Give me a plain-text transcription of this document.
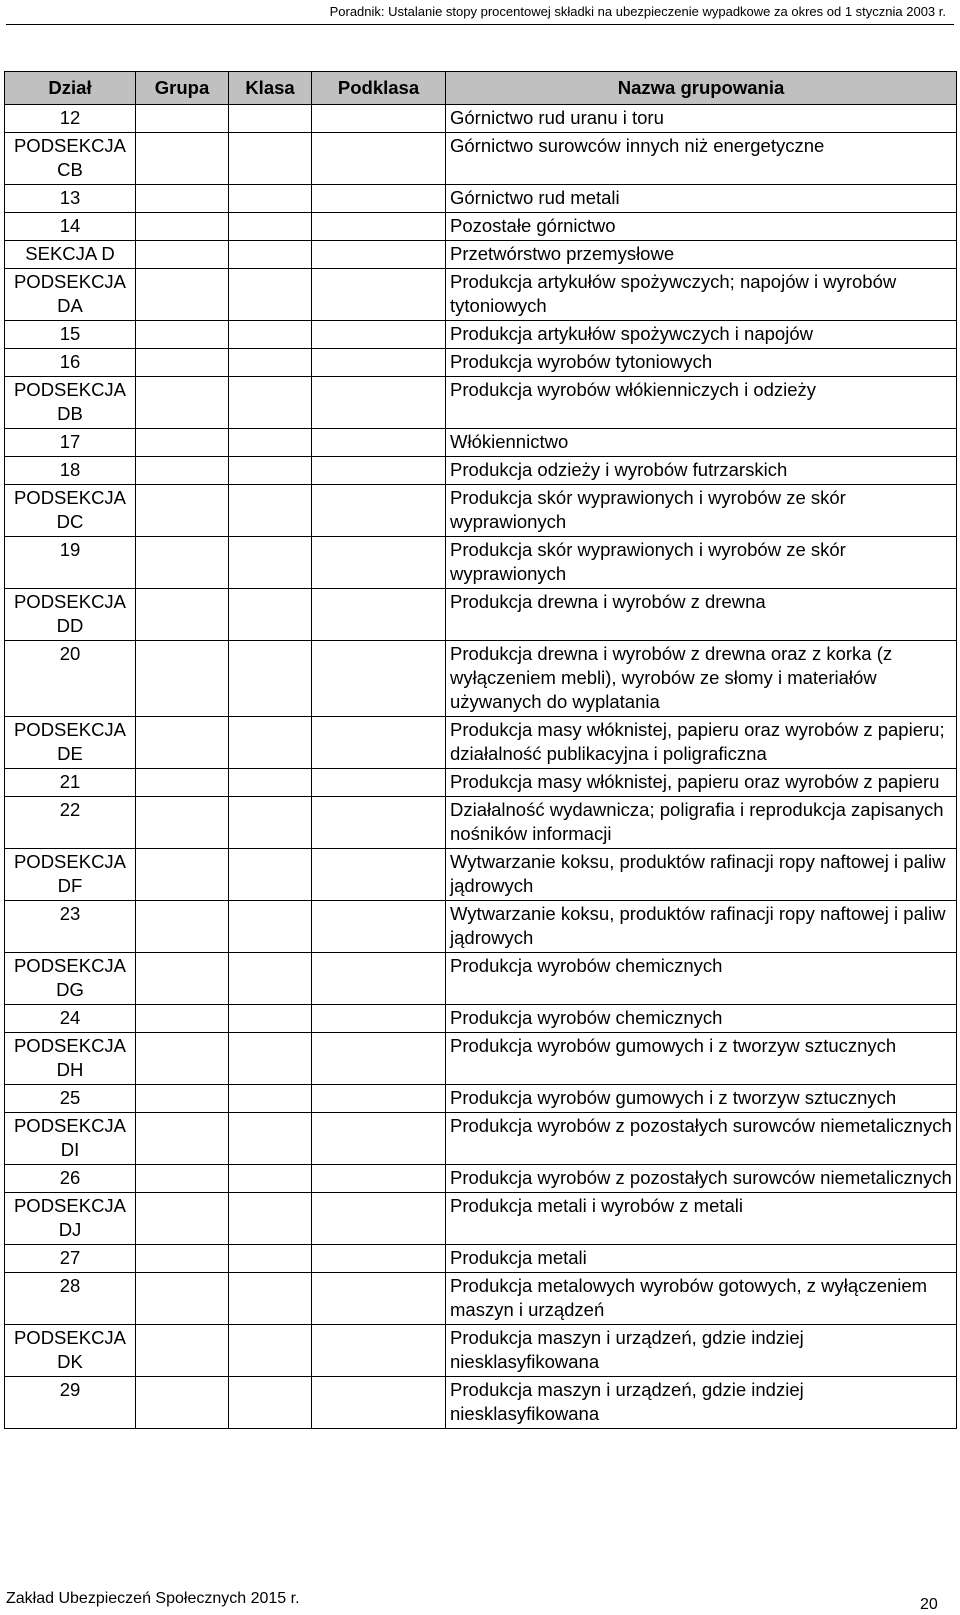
Poradnik: Ustalanie stopy procentowej składki na ubezpieczenie wypadkowe za okres od 1 stycznia 2003 r.
Dział	Grupa	Klasa	Podklasa	Nazwa grupowania
12				Górnictwo rud uranu i toru
PODSEKCJA CB				Górnictwo surowców innych niż energetyczne
13				Górnictwo rud metali
14				Pozostałe górnictwo
SEKCJA D				Przetwórstwo przemysłowe
PODSEKCJA DA				Produkcja artykułów spożywczych; napojów i wyrobów tytoniowych
15				Produkcja artykułów spożywczych i napojów
16				Produkcja wyrobów tytoniowych
PODSEKCJA DB				Produkcja wyrobów włókienniczych i odzieży
17				Włókiennictwo
18				Produkcja odzieży i wyrobów futrzarskich
PODSEKCJA DC				Produkcja skór wyprawionych i wyrobów ze skór wyprawionych
19				Produkcja skór wyprawionych i wyrobów ze skór wyprawionych
PODSEKCJA DD				Produkcja drewna i wyrobów z drewna
20				Produkcja drewna i wyrobów z drewna oraz z korka (z wyłączeniem mebli), wyrobów ze słomy i materiałów używanych do wyplatania
PODSEKCJA DE				Produkcja masy włóknistej, papieru oraz wyrobów z papieru; działalność publikacyjna i poligraficzna
21				Produkcja masy włóknistej, papieru oraz wyrobów z papieru
22				Działalność wydawnicza; poligrafia i reprodukcja zapisanych nośników informacji
PODSEKCJA DF				Wytwarzanie koksu, produktów rafinacji ropy naftowej i paliw jądrowych
23				Wytwarzanie koksu, produktów rafinacji ropy naftowej i paliw jądrowych
PODSEKCJA DG				Produkcja wyrobów chemicznych
24				Produkcja wyrobów chemicznych
PODSEKCJA DH				Produkcja wyrobów gumowych i z tworzyw sztucznych
25				Produkcja wyrobów gumowych i z tworzyw sztucznych
PODSEKCJA DI				Produkcja wyrobów z pozostałych surowców niemetalicznych
26				Produkcja wyrobów z pozostałych surowców niemetalicznych
PODSEKCJA DJ				Produkcja metali i wyrobów z metali
27				Produkcja metali
28				Produkcja metalowych wyrobów gotowych, z wyłączeniem maszyn i urządzeń
PODSEKCJA DK				Produkcja maszyn i urządzeń, gdzie indziej niesklasyfikowana
29				Produkcja maszyn i urządzeń, gdzie indziej niesklasyfikowana
Zakład Ubezpieczeń Społecznych 2015 r.	20
